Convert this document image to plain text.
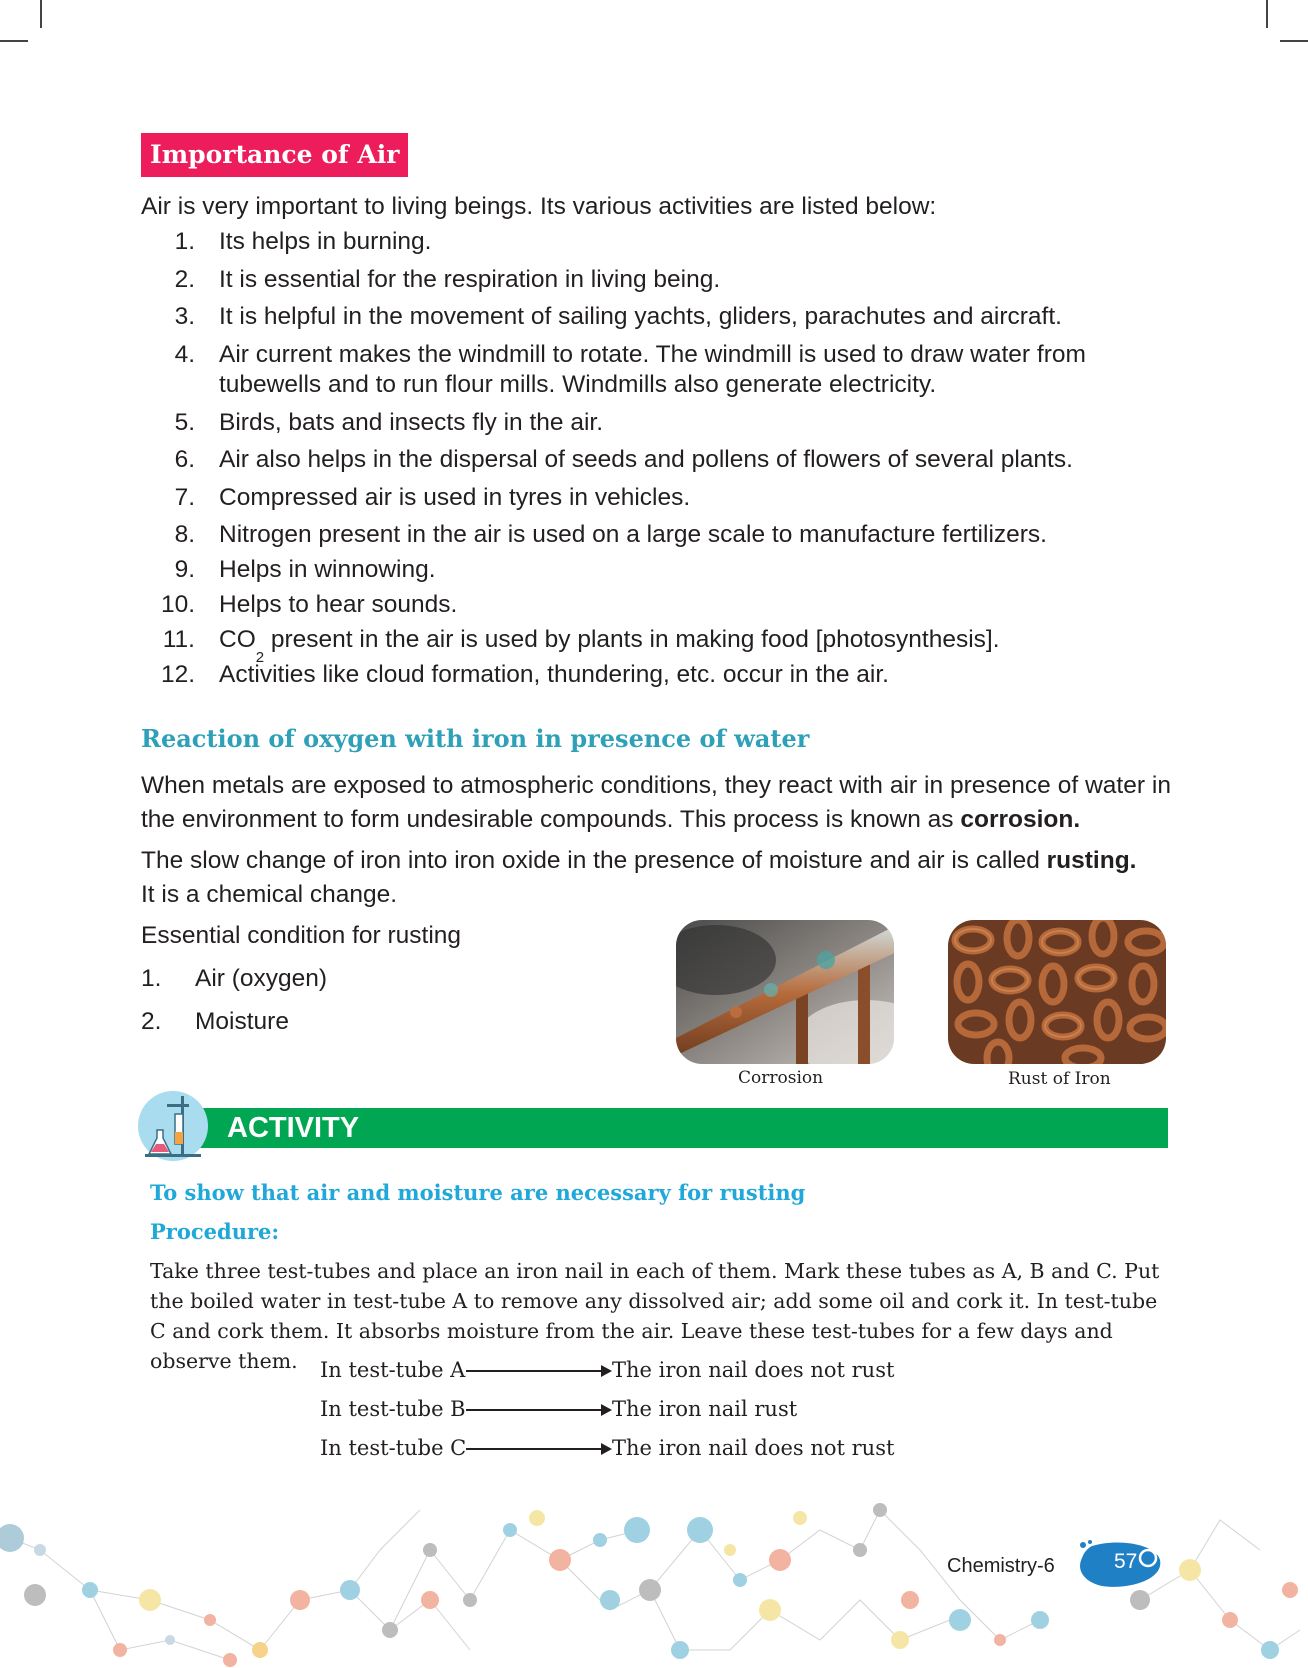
Importance of Air

Air is very important to living beings. Its various activities are listed below:

1. Its helps in burning.
2. It is essential for the respiration in living being.
3. It is helpful in the movement of sailing yachts, gliders, parachutes and aircraft.
4. Air current makes the windmill to rotate. The windmill is used to draw water from tubewells and to run flour mills. Windmills also generate electricity.
5. Birds, bats and insects fly in the air.
6. Air also helps in the dispersal of seeds and pollens of flowers of several plants.
7. Compressed air is used in tyres in vehicles.
8. Nitrogen present in the air is used on a large scale to manufacture fertilizers.
9. Helps in winnowing.
10. Helps to hear sounds.
11. $CO_2$ present in the air is used by plants in making food [photosynthesis].
12. Activities like cloud formation, thundering, etc. occur in the air.
Reaction of oxygen with iron in presence of water

When metals are exposed to atmospheric conditions, they react with air in presence of water in the environment to form undesirable compounds. This process is known as corrosion.

The slow change of iron into iron oxide in the presence of moisture and air is called rusting.
It is a chemical change.

Essential condition for rusting
1. Air (oxygen)
2. Moisture
Corrosion	Rust of Iron
ACTIVITY
To show that air and moisture are necessary for rusting
Procedure:

Take three test-tubes and place an iron nail in each of them. Mark these tubes as A, B and C. Put the boiled water in test-tube A to remove any dissolved air; add some oil and cork it. In test-tube C and cork them. It absorbs moisture from the air. Leave these test-tubes for a few days and observe them.	In test-tube A	The iron nail does not rust
In test-tube B	The iron nail rust
In test-tube C	The iron nail does not rust
Chemistry-6	57
